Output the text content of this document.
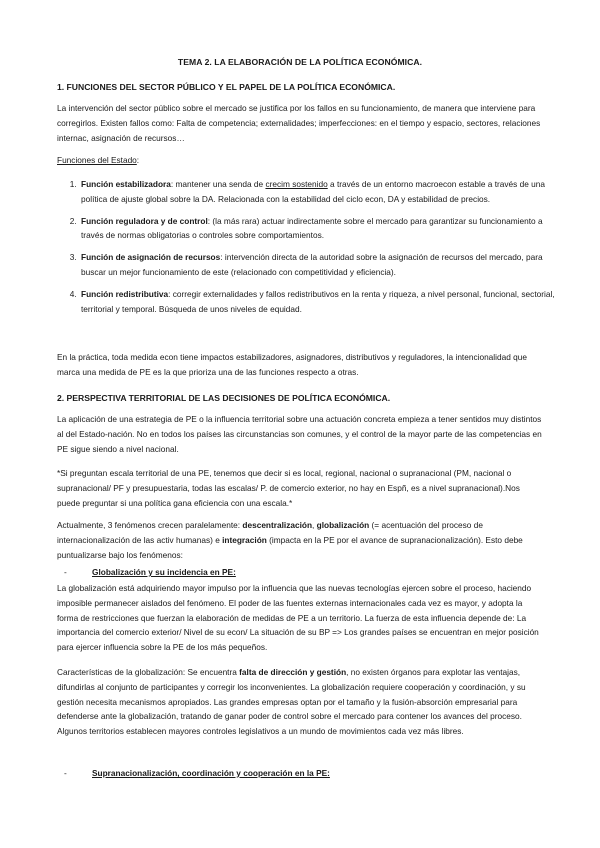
TEMA 2. LA ELABORACIÓN DE LA POLÍTICA ECONÓMICA.
1. FUNCIONES DEL SECTOR PÚBLICO Y EL PAPEL DE LA POLÍTICA ECONÓMICA.
La intervención del sector público sobre el mercado se justifica por los fallos en su funcionamiento, de manera que interviene para corregirlos. Existen fallos como: Falta de competencia; externalidades; imperfecciones: en el tiempo y espacio, sectores, relaciones internac, asignación de recursos…
Funciones del Estado:
1. Función estabilizadora: mantener una senda de crecim sostenido a través de un entorno macroecon estable a través de una política de ajuste global sobre la DA. Relacionada con la estabilidad del ciclo econ, DA y estabilidad de precios.
2. Función reguladora y de control: (la más rara) actuar indirectamente sobre el mercado para garantizar su funcionamiento a través de normas obligatorias o controles sobre comportamientos.
3. Función de asignación de recursos: intervención directa de la autoridad sobre la asignación de recursos del mercado, para buscar un mejor funcionamiento de este (relacionado con competitividad y eficiencia).
4. Función redistributiva: corregir externalidades y fallos redistributivos en la renta y riqueza, a nivel personal, funcional, sectorial, territorial y temporal. Búsqueda de unos niveles de equidad.
En la práctica, toda medida econ tiene impactos estabilizadores, asignadores, distributivos y reguladores, la intencionalidad que marca una medida de PE es la que prioriza una de las funciones respecto a otras.
2. PERSPECTIVA TERRITORIAL DE LAS DECISIONES DE POLÍTICA ECONÓMICA.
La aplicación de una estrategia de PE o la influencia territorial sobre una actuación concreta empieza a tener sentidos muy distintos al del Estado-nación. No en todos los países las circunstancias son comunes, y el control de la mayor parte de las competencias en PE sigue siendo a nivel nacional.
*Si preguntan escala territorial de una PE, tenemos que decir si es local, regional, nacional o supranacional (PM, nacional o supranacional/ PF y presupuestaria, todas las escalas/ P. de comercio exterior, no hay en Espñ, es a nivel supranacional).Nos puede preguntar si una política gana eficiencia con una escala.*
Actualmente, 3 fenómenos crecen paralelamente: descentralización, globalización (= acentuación del proceso de internacionalización de las activ humanas) e integración (impacta en la PE por el avance de supranacionalización). Esto debe puntualizarse bajo los fenómenos:
-	Globalización y su incidencia en PE:
La globalización está adquiriendo mayor impulso por la influencia que las nuevas tecnologías ejercen sobre el proceso, haciendo imposible permanecer aislados del fenómeno. El poder de las fuentes externas internacionales cada vez es mayor, y adopta la forma de restricciones que fuerzan la elaboración de medidas de PE a un territorio. La fuerza de esta influencia depende de: La importancia del comercio exterior/ Nivel de su econ/ La situación de su BP => Los grandes países se encuentran en mejor posición para ejercer influencia sobre la PE de los más pequeños.
Características de la globalización: Se encuentra falta de dirección y gestión, no existen órganos para explotar las ventajas, difundirlas al conjunto de participantes y corregir los inconvenientes. La globalización requiere cooperación y coordinación, y su gestión necesita mecanismos apropiados. Las grandes empresas optan por el tamaño y la fusión-absorción empresarial para defenderse ante la globalización, tratando de ganar poder de control sobre el mercado para contener los avances del proceso. Algunos territorios establecen mayores controles legislativos a un mundo de movimientos cada vez más libres.
-	Supranacionalización, coordinación y cooperación en la PE:
